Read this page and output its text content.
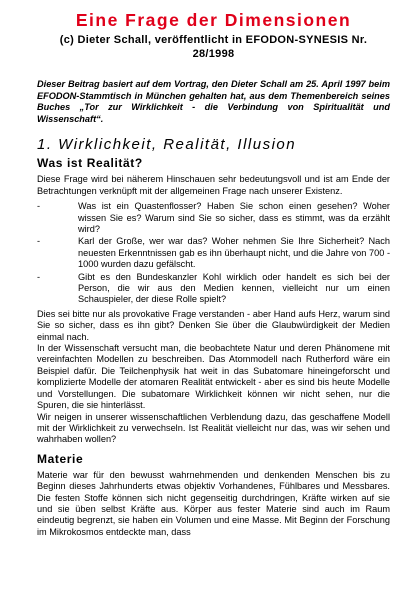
Eine Frage der Dimensionen
(c) Dieter Schall, veröffentlicht in EFODON-SYNESIS Nr.
28/1998

Dieser Beitrag basiert auf dem Vortrag, den Dieter Schall am 25. April 1997 beim EFODON-Stammtisch in München gehalten hat, aus dem Themenbereich seines Buches „Tor zur Wirklichkeit - die Verbindung von Spiritualität und Wissenschaft“.

1. Wirklichkeit, Realität, Illusion
Was ist Realität?

Diese Frage wird bei näherem Hinschauen sehr bedeutungsvoll und ist am Ende der Betrachtungen verknüpft mit der allgemeinen Frage nach unserer Existenz.

-	Was ist ein Quastenflosser? Haben Sie schon einen gesehen? Woher wissen Sie es? Warum sind Sie so sicher, dass es stimmt, was da erzählt wird?
-	Karl der Große, wer war das? Woher nehmen Sie Ihre Sicherheit? Nach neuesten Erkenntnissen gab es ihn überhaupt nicht, und die Jahre von 700 - 1000 wurden dazu gefälscht.
-	Gibt es den Bundeskanzler Kohl wirklich oder handelt es sich bei der Person, die wir aus den Medien kennen, vielleicht nur um einen Schauspieler, der diese Rolle spielt?

Dies sei bitte nur als provokative Frage verstanden - aber Hand aufs Herz, warum sind Sie so sicher, dass es ihn gibt? Denken Sie über die Glaubwürdigkeit der Medien einmal nach.

In der Wissenschaft versucht man, die beobachtete Natur und deren Phänomene mit vereinfachten Modellen zu beschreiben. Das Atommodell nach Rutherford wäre ein Beispiel dafür. Die Teilchenphysik hat weit in das Subatomare hineingeforscht und komplizierte Modelle der atomaren Realität entwickelt - aber es sind bis heute Modelle und Vorstellungen. Die subatomare Wirklichkeit können wir nicht sehen, nur die Spuren, die sie hinterlässt.

Wir neigen in unserer wissenschaftlichen Verblendung dazu, das geschaffene Modell mit der Wirklichkeit zu verwechseln. Ist Realität vielleicht nur das, was wir sehen und wahrhaben wollen?

Materie

Materie war für den bewusst wahrnehmenden und denkenden Menschen bis zu Beginn dieses Jahrhunderts etwas objektiv Vorhandenes, Fühlbares und Messbares. Die festen Stoffe können sich nicht gegenseitig durchdringen, Kräfte wirken auf sie und sie üben selbst Kräfte aus. Körper aus fester Materie sind auch im Raum eindeutig begrenzt, sie haben ein Volumen und eine Masse. Mit Beginn der Forschung im Mikrokosmos entdeckte man, dass
